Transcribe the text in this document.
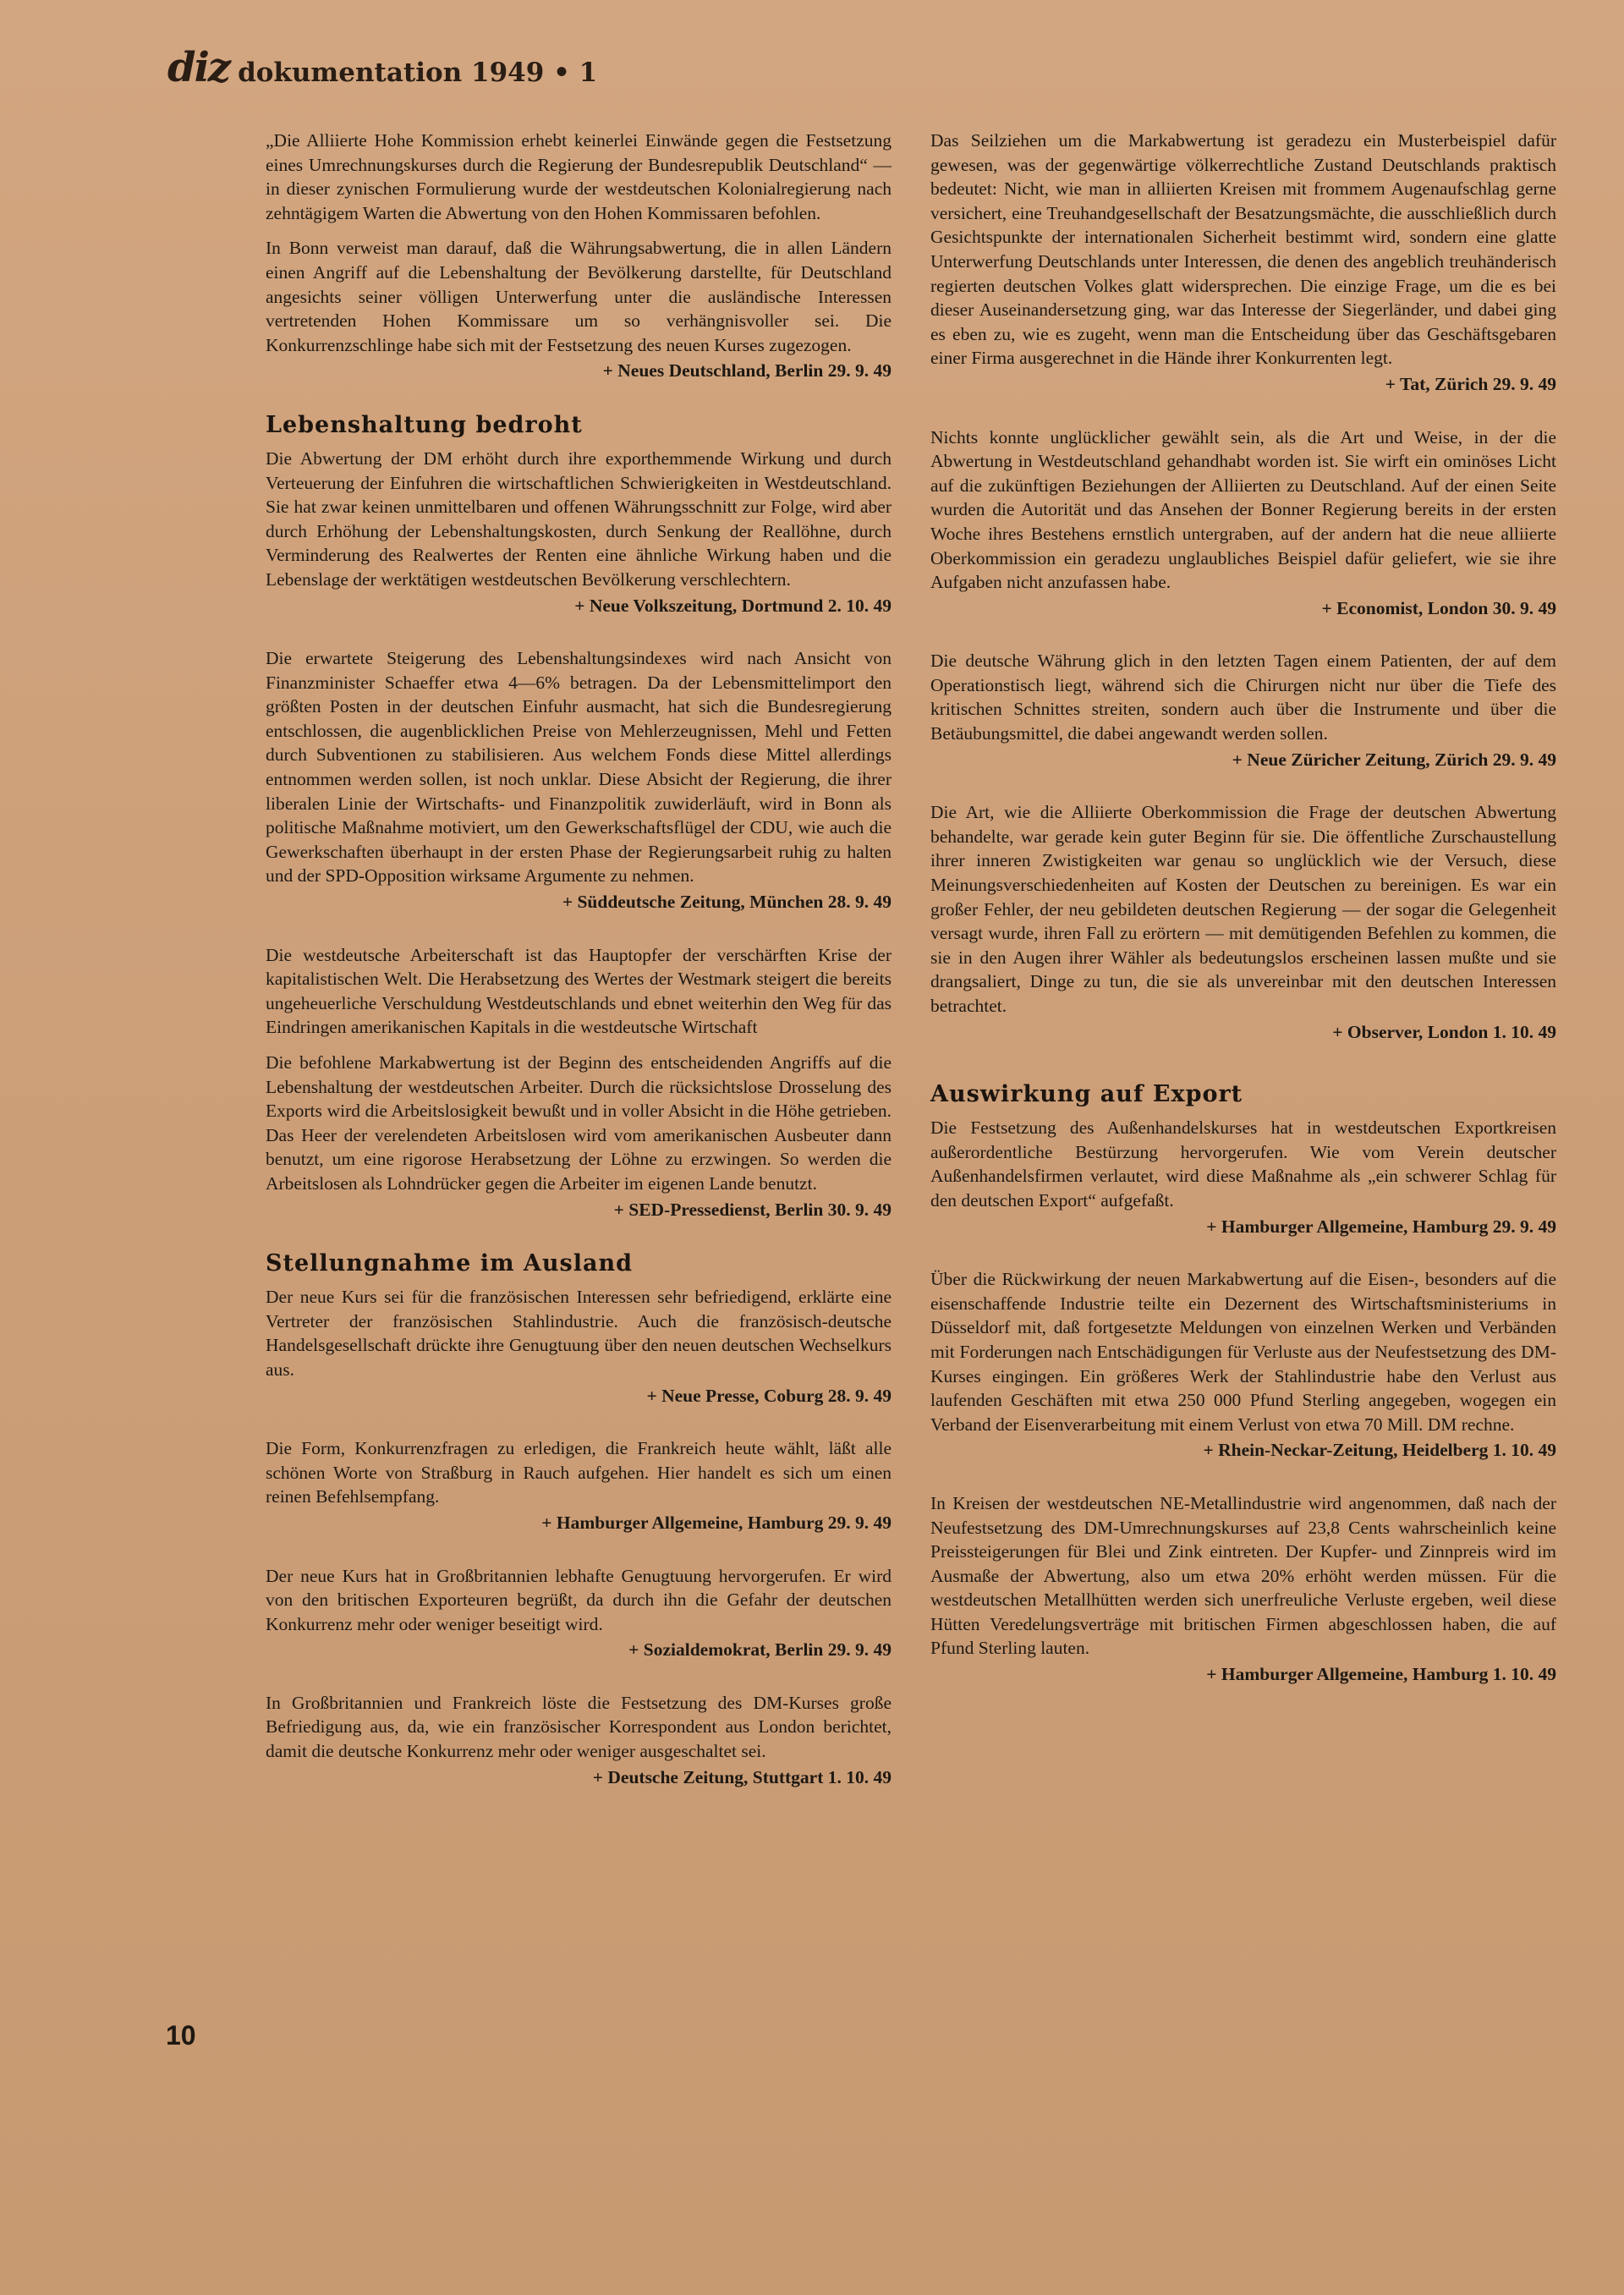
diz dokumentation 1949 • 1

„Die Alliierte Hohe Kommission erhebt keinerlei Einwände gegen die Festsetzung eines Umrechnungskurses durch die Regierung der Bundesrepublik Deutschland“ — in dieser zynischen Formulierung wurde der westdeutschen Kolonialregierung nach zehntägigem Warten die Abwertung von den Hohen Kommissaren befohlen.

In Bonn verweist man darauf, daß die Währungsabwertung, die in allen Ländern einen Angriff auf die Lebenshaltung der Bevölkerung darstellte, für Deutschland angesichts seiner völligen Unterwerfung unter die ausländische Interessen vertretenden Hohen Kommissare um so verhängnisvoller sei. Die Konkurrenzschlinge habe sich mit der Festsetzung des neuen Kurses zugezogen.

+ Neues Deutschland, Berlin 29. 9. 49
Lebenshaltung bedroht

Die Abwertung der DM erhöht durch ihre exporthemmende Wirkung und durch Verteuerung der Einfuhren die wirtschaftlichen Schwierigkeiten in Westdeutschland. Sie hat zwar keinen unmittelbaren und offenen Währungsschnitt zur Folge, wird aber durch Erhöhung der Lebenshaltungskosten, durch Senkung der Reallöhne, durch Verminderung des Realwertes der Renten eine ähnliche Wirkung haben und die Lebenslage der werktätigen westdeutschen Bevölkerung verschlechtern.

+ Neue Volkszeitung, Dortmund 2. 10. 49

Die erwartete Steigerung des Lebenshaltungsindexes wird nach Ansicht von Finanzminister Schaeffer etwa 4—6% betragen. Da der Lebensmittelimport den größten Posten in der deutschen Einfuhr ausmacht, hat sich die Bundesregierung entschlossen, die augenblicklichen Preise von Mehlerzeugnissen, Mehl und Fetten durch Subventionen zu stabilisieren. Aus welchem Fonds diese Mittel allerdings entnommen werden sollen, ist noch unklar. Diese Absicht der Regierung, die ihrer liberalen Linie der Wirtschafts- und Finanzpolitik zuwiderläuft, wird in Bonn als politische Maßnahme motiviert, um den Gewerkschaftsflügel der CDU, wie auch die Gewerkschaften überhaupt in der ersten Phase der Regierungsarbeit ruhig zu halten und der SPD-Opposition wirksame Argumente zu nehmen.

+ Süddeutsche Zeitung, München 28. 9. 49

Die westdeutsche Arbeiterschaft ist das Hauptopfer der verschärften Krise der kapitalistischen Welt. Die Herabsetzung des Wertes der Westmark steigert die bereits ungeheuerliche Verschuldung Westdeutschlands und ebnet weiterhin den Weg für das Eindringen amerikanischen Kapitals in die westdeutsche Wirtschaft

Die befohlene Markabwertung ist der Beginn des entscheidenden Angriffs auf die Lebenshaltung der westdeutschen Arbeiter. Durch die rücksichtslose Drosselung des Exports wird die Arbeitslosigkeit bewußt und in voller Absicht in die Höhe getrieben. Das Heer der verelendeten Arbeitslosen wird vom amerikanischen Ausbeuter dann benutzt, um eine rigorose Herabsetzung der Löhne zu erzwingen. So werden die Arbeitslosen als Lohndrücker gegen die Arbeiter im eigenen Lande benutzt.

+ SED-Pressedienst, Berlin 30. 9. 49
Stellungnahme im Ausland

Der neue Kurs sei für die französischen Interessen sehr befriedigend, erklärte eine Vertreter der französischen Stahlindustrie. Auch die französisch-deutsche Handelsgesellschaft drückte ihre Genugtuung über den neuen deutschen Wechselkurs aus.

+ Neue Presse, Coburg 28. 9. 49

Die Form, Konkurrenzfragen zu erledigen, die Frankreich heute wählt, läßt alle schönen Worte von Straßburg in Rauch aufgehen. Hier handelt es sich um einen reinen Befehlsempfang.

+ Hamburger Allgemeine, Hamburg 29. 9. 49

Der neue Kurs hat in Großbritannien lebhafte Genugtuung hervorgerufen. Er wird von den britischen Exporteuren begrüßt, da durch ihn die Gefahr der deutschen Konkurrenz mehr oder weniger beseitigt wird.

+ Sozialdemokrat, Berlin 29. 9. 49

In Großbritannien und Frankreich löste die Festsetzung des DM-Kurses große Befriedigung aus, da, wie ein französischer Korrespondent aus London berichtet, damit die deutsche Konkurrenz mehr oder weniger ausgeschaltet sei.

+ Deutsche Zeitung, Stuttgart 1. 10. 49

Das Seilziehen um die Markabwertung ist geradezu ein Musterbeispiel dafür gewesen, was der gegenwärtige völkerrechtliche Zustand Deutschlands praktisch bedeutet: Nicht, wie man in alliierten Kreisen mit frommem Augenaufschlag gerne versichert, eine Treuhandgesellschaft der Besatzungsmächte, die ausschließlich durch Gesichtspunkte der internationalen Sicherheit bestimmt wird, sondern eine glatte Unterwerfung Deutschlands unter Interessen, die denen des angeblich treuhänderisch regierten deutschen Volkes glatt widersprechen. Die einzige Frage, um die es bei dieser Auseinandersetzung ging, war das Interesse der Siegerländer, und dabei ging es eben zu, wie es zugeht, wenn man die Entscheidung über das Geschäftsgebaren einer Firma ausgerechnet in die Hände ihrer Konkurrenten legt.

+ Tat, Zürich 29. 9. 49

Nichts konnte unglücklicher gewählt sein, als die Art und Weise, in der die Abwertung in Westdeutschland gehandhabt worden ist. Sie wirft ein ominöses Licht auf die zukünftigen Beziehungen der Alliierten zu Deutschland. Auf der einen Seite wurden die Autorität und das Ansehen der Bonner Regierung bereits in der ersten Woche ihres Bestehens ernstlich untergraben, auf der andern hat die neue alliierte Oberkommission ein geradezu unglaubliches Beispiel dafür geliefert, wie sie ihre Aufgaben nicht anzufassen habe.

+ Economist, London 30. 9. 49

Die deutsche Währung glich in den letzten Tagen einem Patienten, der auf dem Operationstisch liegt, während sich die Chirurgen nicht nur über die Tiefe des kritischen Schnittes streiten, sondern auch über die Instrumente und über die Betäubungsmittel, die dabei angewandt werden sollen.

+ Neue Züricher Zeitung, Zürich 29. 9. 49

Die Art, wie die Alliierte Oberkommission die Frage der deutschen Abwertung behandelte, war gerade kein guter Beginn für sie. Die öffentliche Zurschaustellung ihrer inneren Zwistigkeiten war genau so unglücklich wie der Versuch, diese Meinungsverschiedenheiten auf Kosten der Deutschen zu bereinigen. Es war ein großer Fehler, der neu gebildeten deutschen Regierung — der sogar die Gelegenheit versagt wurde, ihren Fall zu erörtern — mit demütigenden Befehlen zu kommen, die sie in den Augen ihrer Wähler als bedeutungslos erscheinen lassen mußte und sie drangsaliert, Dinge zu tun, die sie als unvereinbar mit den deutschen Interessen betrachtet.

+ Observer, London 1. 10. 49
Auswirkung auf Export

Die Festsetzung des Außenhandelskurses hat in westdeutschen Exportkreisen außerordentliche Bestürzung hervorgerufen. Wie vom Verein deutscher Außenhandelsfirmen verlautet, wird diese Maßnahme als „ein schwerer Schlag für den deutschen Export“ aufgefaßt.

+ Hamburger Allgemeine, Hamburg 29. 9. 49

Über die Rückwirkung der neuen Markabwertung auf die Eisen-, besonders auf die eisenschaffende Industrie teilte ein Dezernent des Wirtschaftsministeriums in Düsseldorf mit, daß fortgesetzte Meldungen von einzelnen Werken und Verbänden mit Forderungen nach Entschädigungen für Verluste aus der Neufestsetzung des DM-Kurses eingingen. Ein größeres Werk der Stahlindustrie habe den Verlust aus laufenden Geschäften mit etwa 250 000 Pfund Sterling angegeben, wogegen ein Verband der Eisenverarbeitung mit einem Verlust von etwa 70 Mill. DM rechne.

+ Rhein-Neckar-Zeitung, Heidelberg 1. 10. 49

In Kreisen der westdeutschen NE-Metallindustrie wird angenommen, daß nach der Neufestsetzung des DM-Umrechnungskurses auf 23,8 Cents wahrscheinlich keine Preissteigerungen für Blei und Zink eintreten. Der Kupfer- und Zinnpreis wird im Ausmaße der Abwertung, also um etwa 20% erhöht werden müssen. Für die westdeutschen Metallhütten werden sich unerfreuliche Verluste ergeben, weil diese Hütten Veredelungsverträge mit britischen Firmen abgeschlossen haben, die auf Pfund Sterling lauten.

+ Hamburger Allgemeine, Hamburg 1. 10. 49
10
